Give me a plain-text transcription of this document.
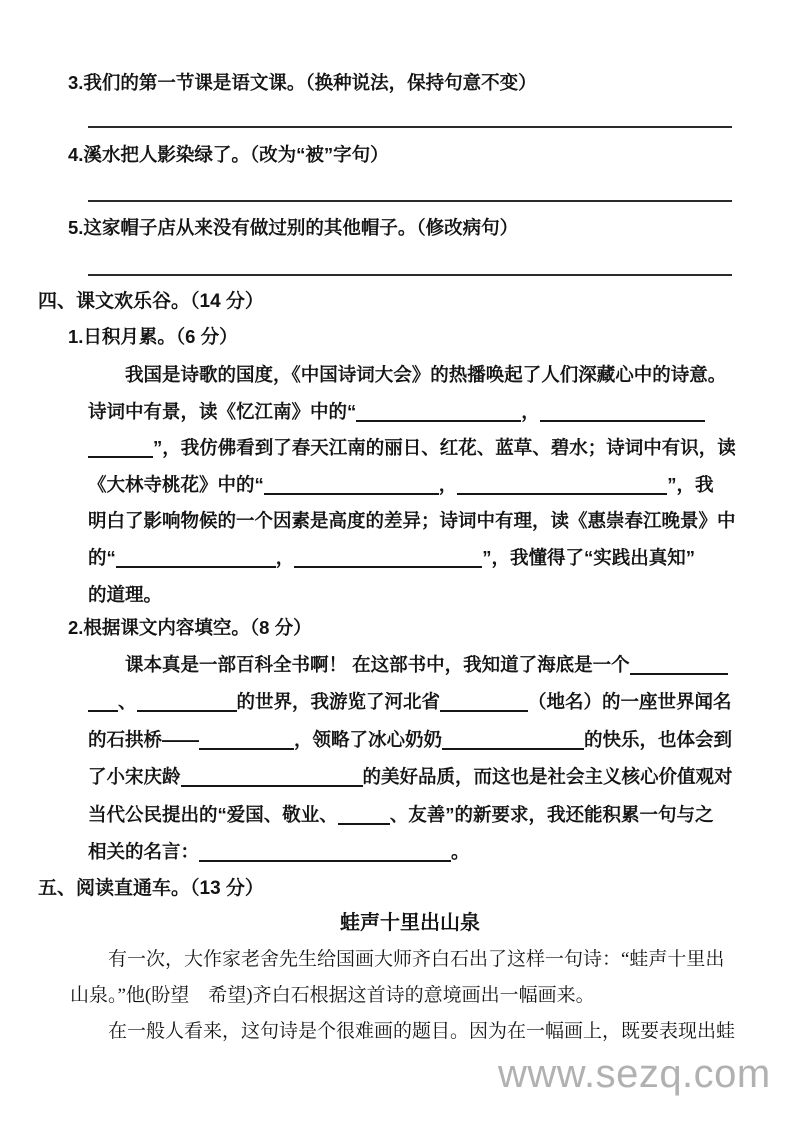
3.我们的第一节课是语文课。（换种说法，保持句意不变）
4.溪水把人影染绿了。（改为“被”字句）
5.这家帽子店从来没有做过别的其他帽子。（修改病句）
四、课文欢乐谷。（14 分）
1.日积月累。（6 分）
我国是诗歌的国度，《中国诗词大会》的热播唤起了人们深藏心中的诗意。
诗词中有景，读《忆江南》中的“	，
”，我仿佛看到了春天江南的丽日、红花、蓝草、碧水；诗词中有识，读
《大林寺桃花》中的“	，	”，我
明白了影响物候的一个因素是高度的差异；诗词中有理，读《惠崇春江晚景》中
的“	，	”，我懂得了“实践出真知”
的道理。
2.根据课文内容填空。（8 分）
课本真是一部百科全书啊！ 在这部书中，我知道了海底是一个
、	的世界，我游览了河北省	（地名）的一座世界闻名
的石拱桥——	，领略了冰心奶奶	的快乐，也体会到
了小宋庆龄	的美好品质，而这也是社会主义核心价值观对
当代公民提出的“爱国、敬业、	、友善”的新要求，我还能积累一句与之
相关的名言：	。
五、阅读直通车。（13 分）
蛙声十里出山泉
有一次，大作家老舍先生给国画大师齐白石出了这样一句诗：“蛙声十里出
山泉。”他(盼望　希望)齐白石根据这首诗的意境画出一幅画来。
在一般人看来，这句诗是个很难画的题目。因为在一幅画上，既要表现出蛙
www.sezq.com
